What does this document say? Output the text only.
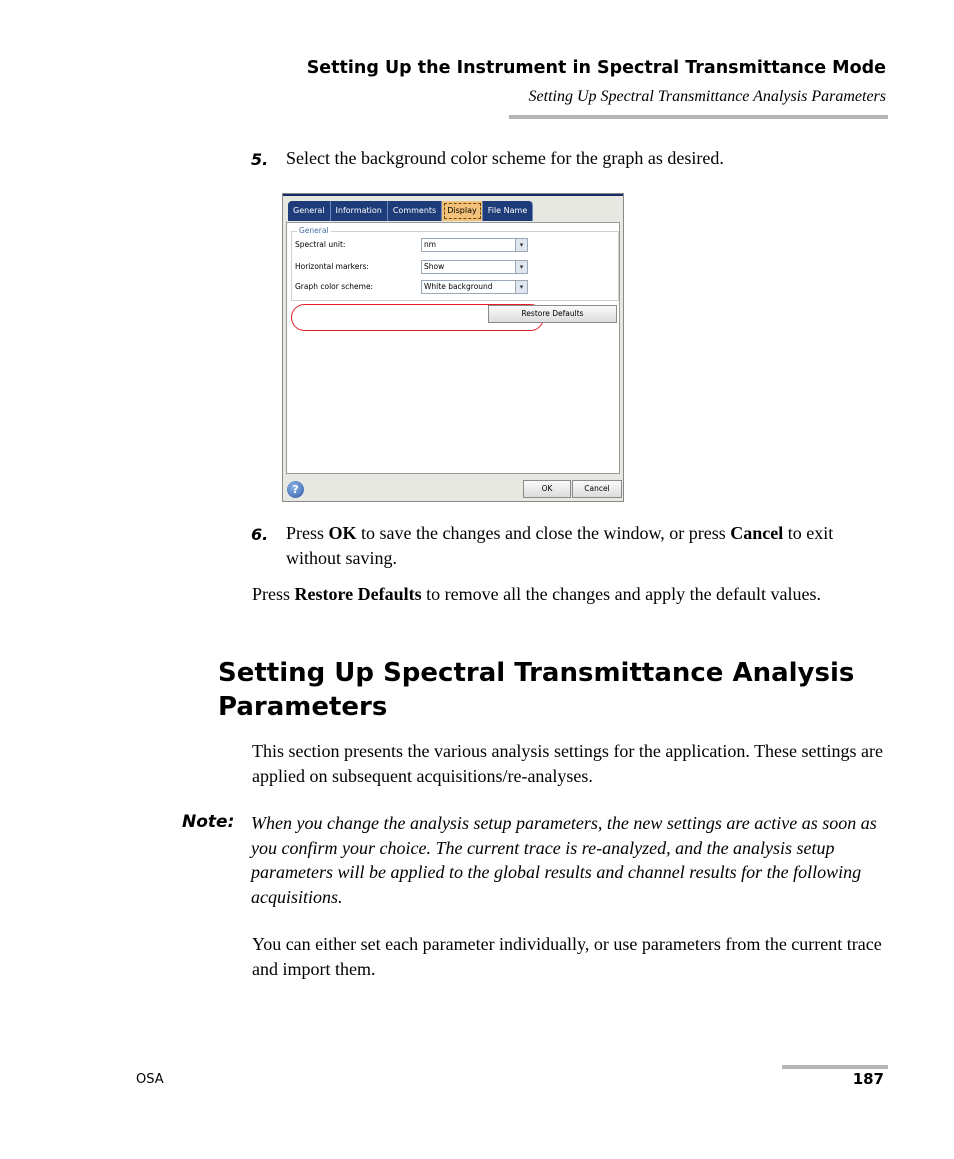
Setting Up the Instrument in Spectral Transmittance Mode
Setting Up Spectral Transmittance Analysis Parameters
5. Select the background color scheme for the graph as desired.
General	Information	Comments	Display	File Name
General
Spectral unit:	nm	▾
Horizontal markers:	Show	▾
Graph color scheme:	White background	▾
Restore Defaults
?	OK	Cancel
6. Press OK to save the changes and close the window, or press Cancel to exit without saving.
Press Restore Defaults to remove all the changes and apply the default values.
Setting Up Spectral Transmittance Analysis Parameters
This section presents the various analysis settings for the application. These settings are applied on subsequent acquisitions/re-analyses.
Note: When you change the analysis setup parameters, the new settings are active as soon as you confirm your choice. The current trace is re-analyzed, and the analysis setup parameters will be applied to the global results and channel results for the following acquisitions.
You can either set each parameter individually, or use parameters from the current trace and import them.
OSA	187
